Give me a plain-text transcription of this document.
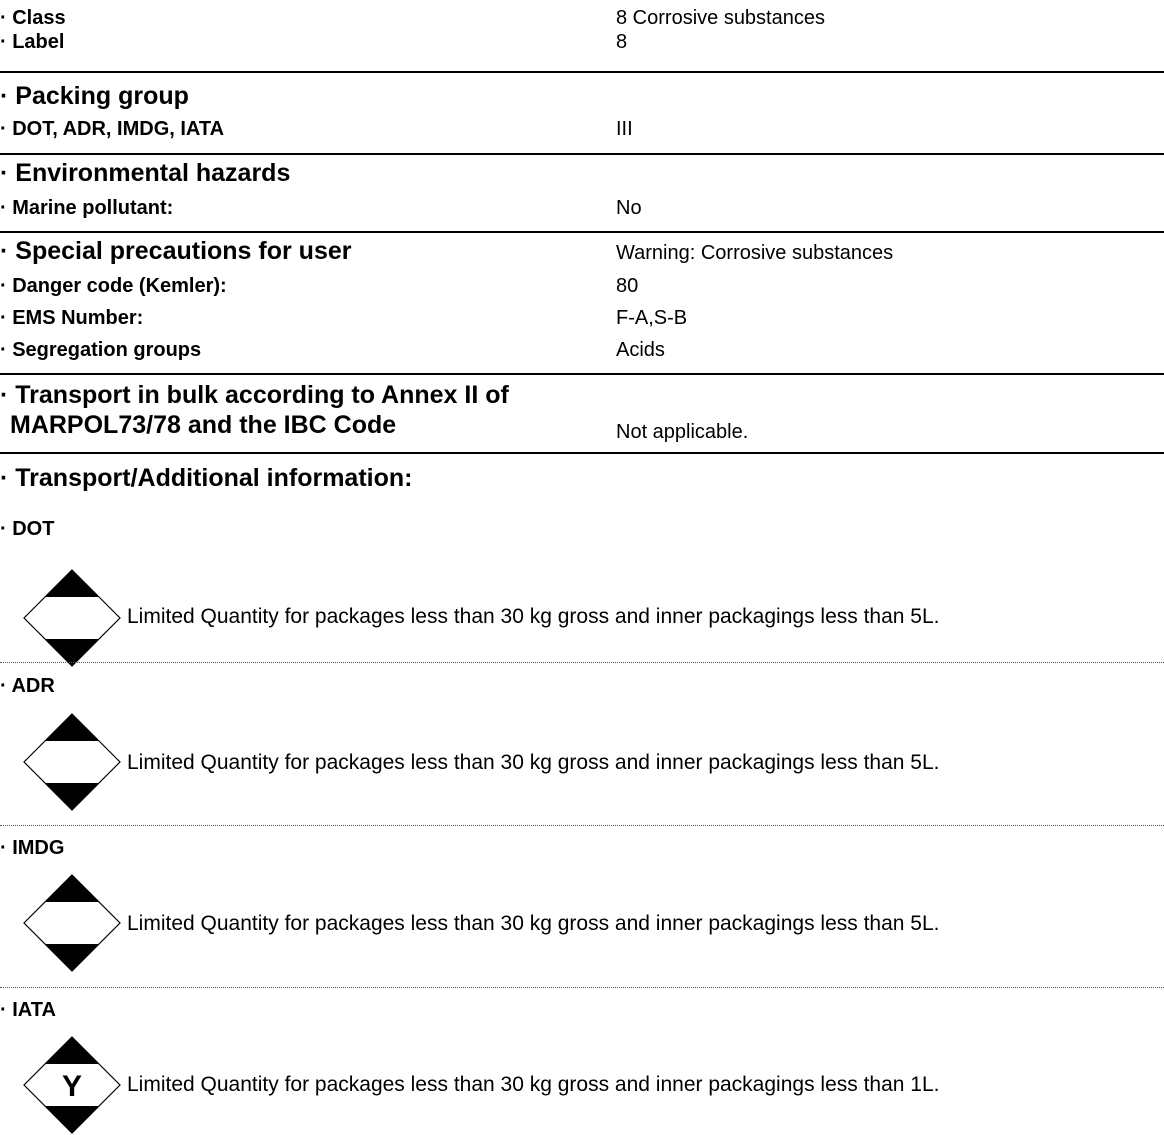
· Class	8 Corrosive substances
· Label	8
· Packing group
· DOT, ADR, IMDG, IATA	III
· Environmental hazards
· Marine pollutant:	No
· Special precautions for user	Warning: Corrosive substances
· Danger code (Kemler):	80
· EMS Number:	F-A,S-B
· Segregation groups	Acids
· Transport in bulk according to Annex II of
MARPOL73/78 and the IBC Code	Not applicable.
· Transport/Additional information:
· DOT
Limited Quantity for packages less than 30 kg gross and inner packagings less than 5L.
· ADR
Limited Quantity for packages less than 30 kg gross and inner packagings less than 5L.
· IMDG
Limited Quantity for packages less than 30 kg gross and inner packagings less than 5L.
· IATA
Y Limited Quantity for packages less than 30 kg gross and inner packagings less than 1L.
